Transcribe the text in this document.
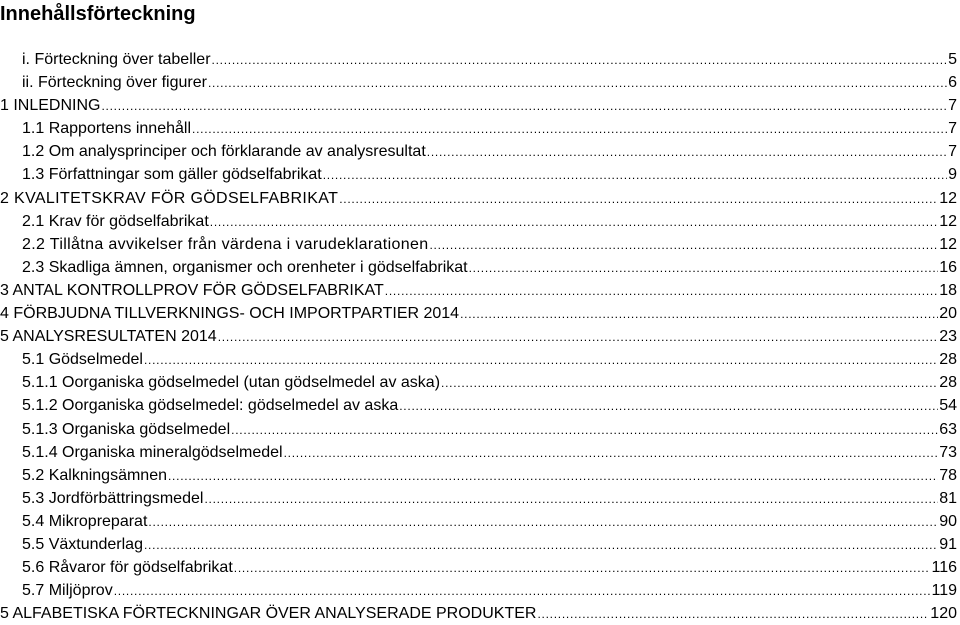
Innehållsförteckning
i. Förteckning över tabeller . . .	5
ii. Förteckning över figurer . . .	6
1 INLEDNING . . .	7
1.1 Rapportens innehåll . . .	7
1.2 Om analysprinciper och förklarande av analysresultat . . .	7
1.3 Författningar som gäller gödselfabrikat . . .	9
2 KVALITETSKRAV FÖR GÖDSELFABRIKAT . . .	12
2.1 Krav för gödselfabrikat . . .	12
2.2 Tillåtna avvikelser från värdena i varudeklarationen . . .	12
2.3 Skadliga ämnen, organismer och orenheter i gödselfabrikat . . .	16
3 ANTAL KONTROLLPROV FÖR GÖDSELFABRIKAT . . .	18
4 FÖRBJUDNA TILLVERKNINGS- OCH IMPORTPARTIER 2014 . . .	20
5 ANALYSRESULTATEN 2014 . . .	23
5.1 Gödselmedel . . .	28
5.1.1 Oorganiska gödselmedel (utan gödselmedel av aska) . . .	28
5.1.2 Oorganiska gödselmedel: gödselmedel av aska . . .	54
5.1.3 Organiska gödselmedel . . .	63
5.1.4 Organiska mineralgödselmedel . . .	73
5.2 Kalkningsämnen . . .	78
5.3 Jordförbättringsmedel . . .	81
5.4 Mikropreparat . . .	90
5.5 Växtunderlag . . .	91
5.6 Råvaror för gödselfabrikat . . .	116
5.7 Miljöprov . . .	119
5 ALFABETISKA FÖRTECKNINGAR ÖVER ANALYSERADE PRODUKTER . . .	120
